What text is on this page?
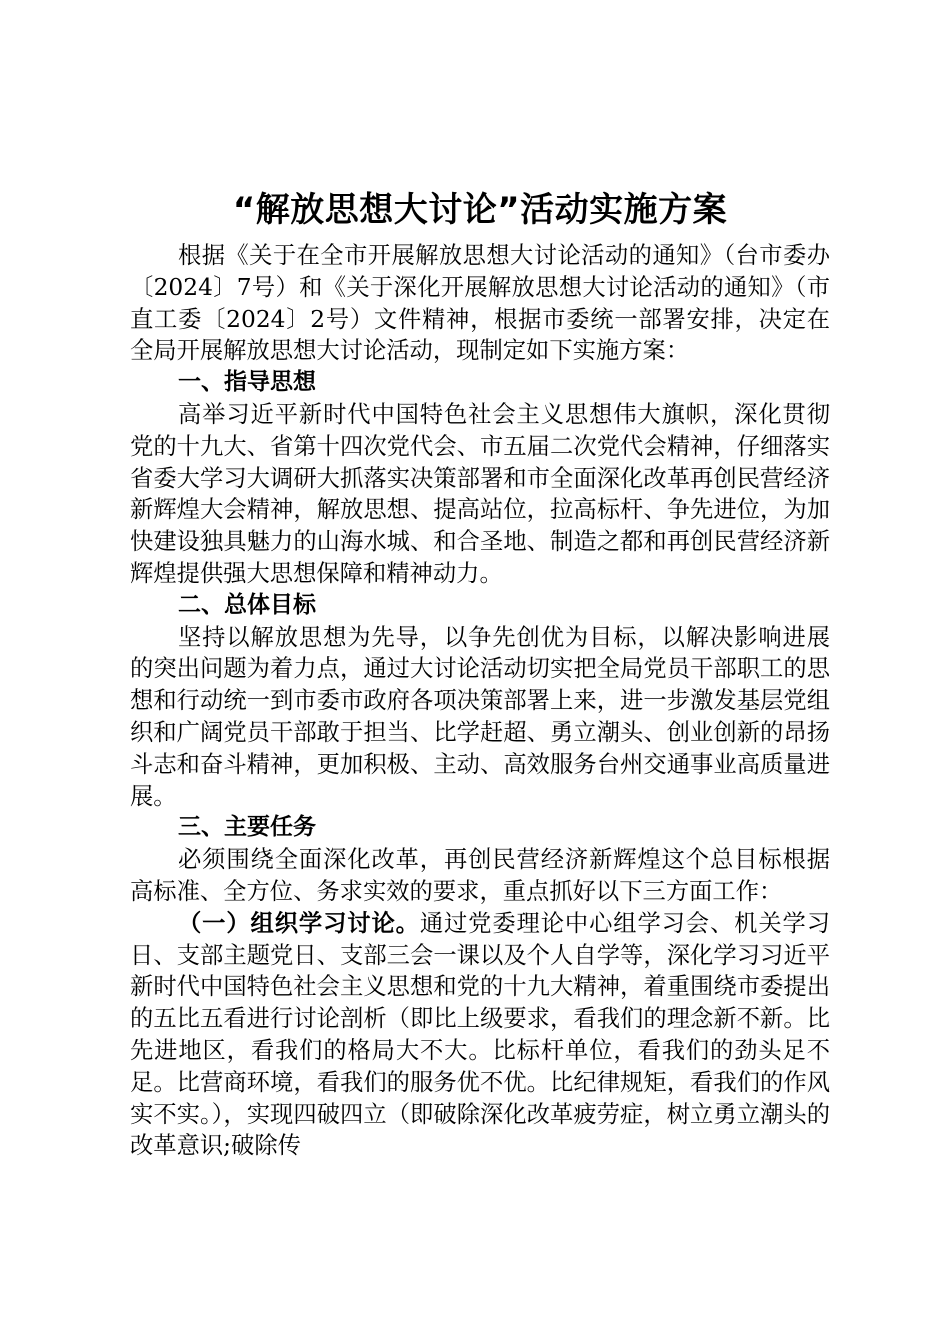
“解放思想大讨论”活动实施方案

根据《关于在全市开展解放思想大讨论活动的通知》（台市委办〔2024〕7号）和《关于深化开展解放思想大讨论活动的通知》（市直工委〔2024〕2号）文件精神，根据市委统一部署安排，决定在全局开展解放思想大讨论活动，现制定如下实施方案：

一、指导思想

高举习近平新时代中国特色社会主义思想伟大旗帜，深化贯彻党的十九大、省第十四次党代会、市五届二次党代会精神，仔细落实省委大学习大调研大抓落实决策部署和市全面深化改革再创民营经济新辉煌大会精神，解放思想、提高站位，拉高标杆、争先进位，为加快建设独具魅力的山海水城、和合圣地、制造之都和再创民营经济新辉煌提供强大思想保障和精神动力。

二、总体目标

坚持以解放思想为先导，以争先创优为目标，以解决影响进展的突出问题为着力点，通过大讨论活动切实把全局党员干部职工的思想和行动统一到市委市政府各项决策部署上来，进一步激发基层党组织和广阔党员干部敢于担当、比学赶超、勇立潮头、创业创新的昂扬斗志和奋斗精神，更加积极、主动、高效服务台州交通事业高质量进展。

三、主要任务

必须围绕全面深化改革，再创民营经济新辉煌这个总目标根据高标准、全方位、务求实效的要求，重点抓好以下三方面工作：

（一）组织学习讨论。通过党委理论中心组学习会、机关学习日、支部主题党日、支部三会一课以及个人自学等，深化学习习近平新时代中国特色社会主义思想和党的十九大精神，着重围绕市委提出的五比五看进行讨论剖析（即比上级要求，看我们的理念新不新。比先进地区，看我们的格局大不大。比标杆单位，看我们的劲头足不足。比营商环境，看我们的服务优不优。比纪律规矩，看我们的作风实不实。），实现四破四立（即破除深化改革疲劳症，树立勇立潮头的改革意识;破除传
